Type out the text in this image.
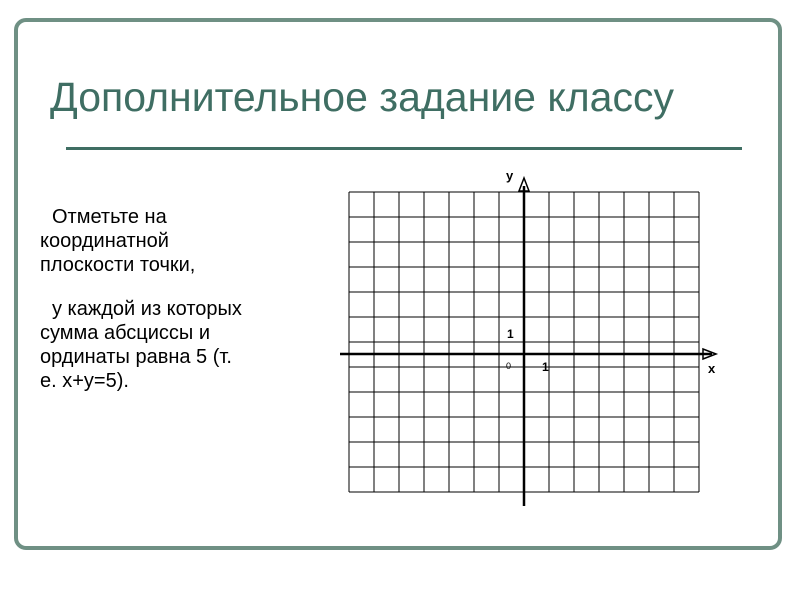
Дополнительное задание классу

Отметьте на

координатной

плоскости точки,

у каждой из которых

сумма абсциссы и

ординаты равна 5 (т.

е. x+y=5).

y
x
1
1
0
